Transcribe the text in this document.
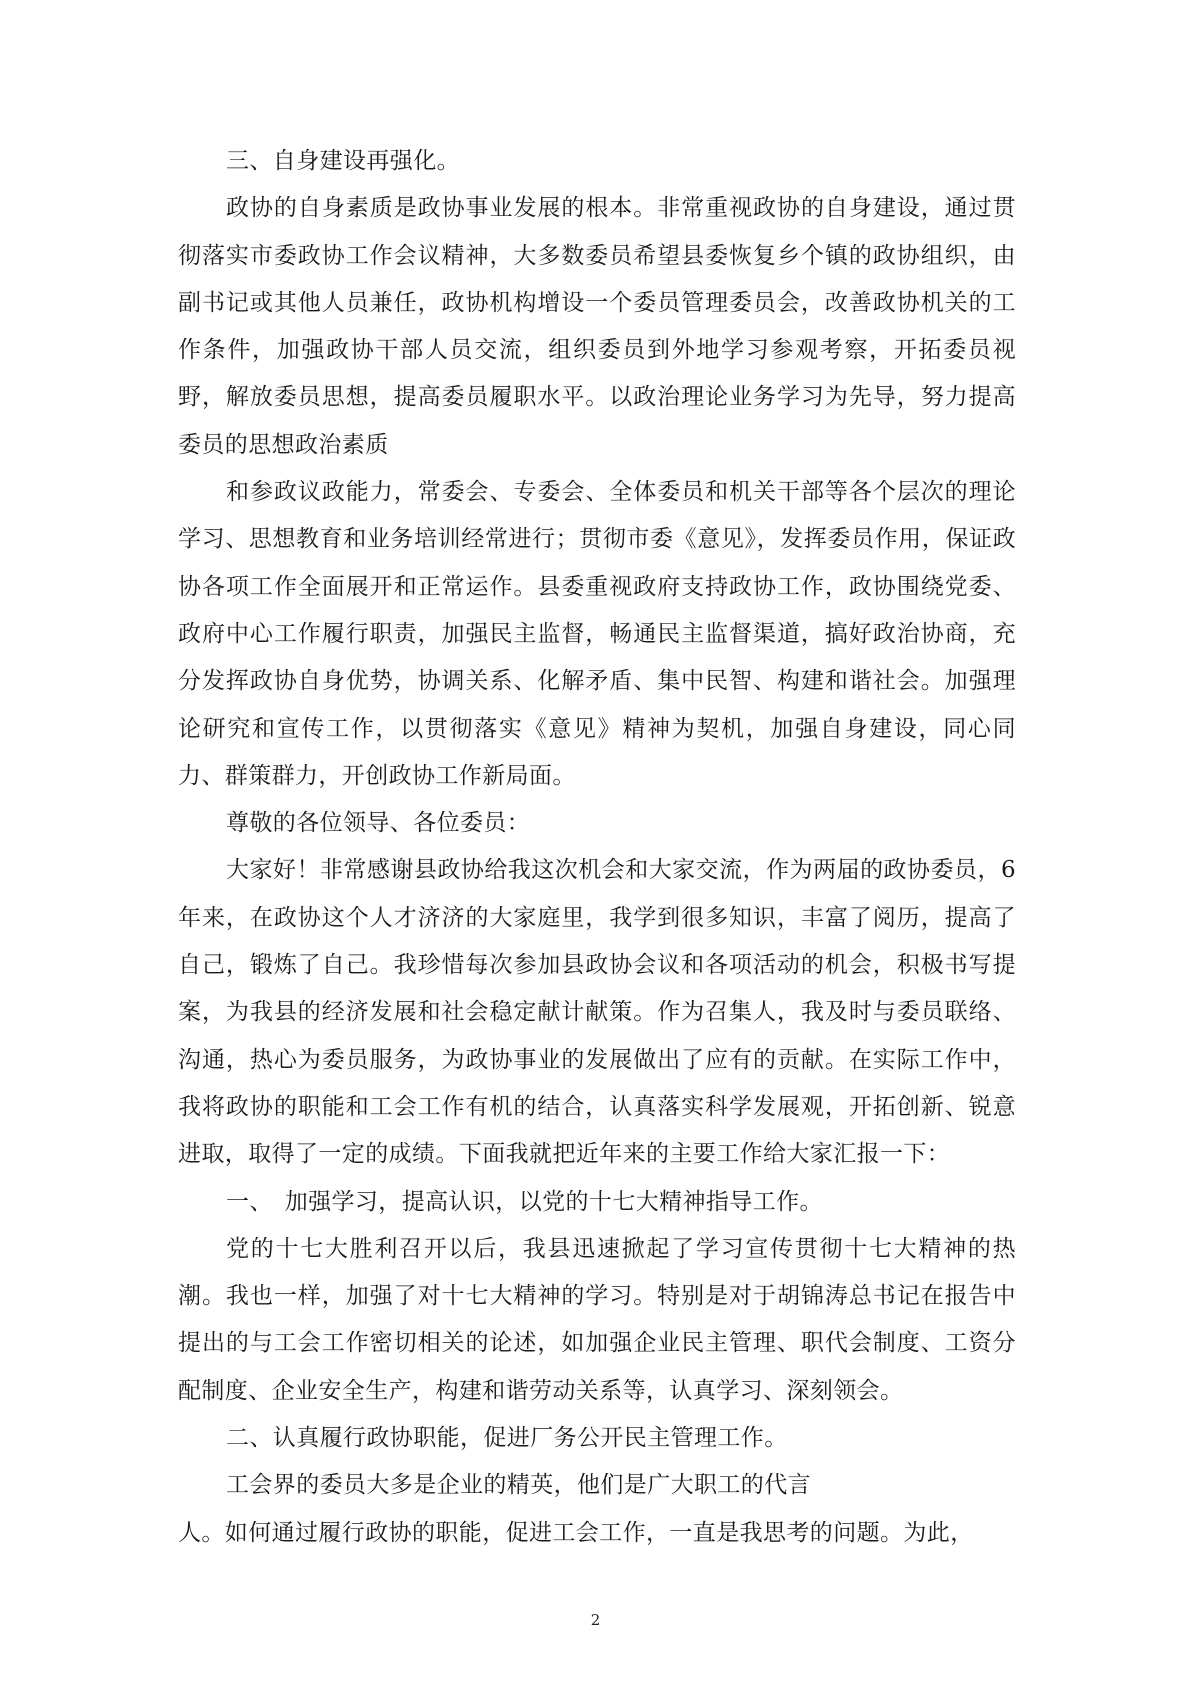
三、自身建设再强化。

政协的自身素质是政协事业发展的根本。非常重视政协的自身建设，通过贯彻落实市委政协工作会议精神，大多数委员希望县委恢复乡个镇的政协组织，由副书记或其他人员兼任，政协机构增设一个委员管理委员会，改善政协机关的工作条件，加强政协干部人员交流，组织委员到外地学习参观考察，开拓委员视野，解放委员思想，提高委员履职水平。以政治理论业务学习为先导，努力提高委员的思想政治素质

和参政议政能力，常委会、专委会、全体委员和机关干部等各个层次的理论学习、思想教育和业务培训经常进行；贯彻市委《意见》，发挥委员作用，保证政协各项工作全面展开和正常运作。县委重视政府支持政协工作，政协围绕党委、政府中心工作履行职责，加强民主监督，畅通民主监督渠道，搞好政治协商，充分发挥政协自身优势，协调关系、化解矛盾、集中民智、构建和谐社会。加强理论研究和宣传工作，以贯彻落实《意见》精神为契机，加强自身建设，同心同力、群策群力，开创政协工作新局面。

尊敬的各位领导、各位委员：

大家好！非常感谢县政协给我这次机会和大家交流，作为两届的政协委员，6年来，在政协这个人才济济的大家庭里，我学到很多知识，丰富了阅历，提高了自己，锻炼了自己。我珍惜每次参加县政协会议和各项活动的机会，积极书写提案，为我县的经济发展和社会稳定献计献策。作为召集人，我及时与委员联络、沟通，热心为委员服务，为政协事业的发展做出了应有的贡献。在实际工作中，我将政协的职能和工会工作有机的结合，认真落实科学发展观，开拓创新、锐意进取，取得了一定的成绩。下面我就把近年来的主要工作给大家汇报一下：

一、　加强学习，提高认识，以党的十七大精神指导工作。

党的十七大胜利召开以后，我县迅速掀起了学习宣传贯彻十七大精神的热潮。我也一样，加强了对十七大精神的学习。特别是对于胡锦涛总书记在报告中提出的与工会工作密切相关的论述，如加强企业民主管理、职代会制度、工资分配制度、企业安全生产，构建和谐劳动关系等，认真学习、深刻领会。

二、认真履行政协职能，促进厂务公开民主管理工作。

工会界的委员大多是企业的精英，他们是广大职工的代言

人。如何通过履行政协的职能，促进工会工作，一直是我思考的问题。为此，

2
